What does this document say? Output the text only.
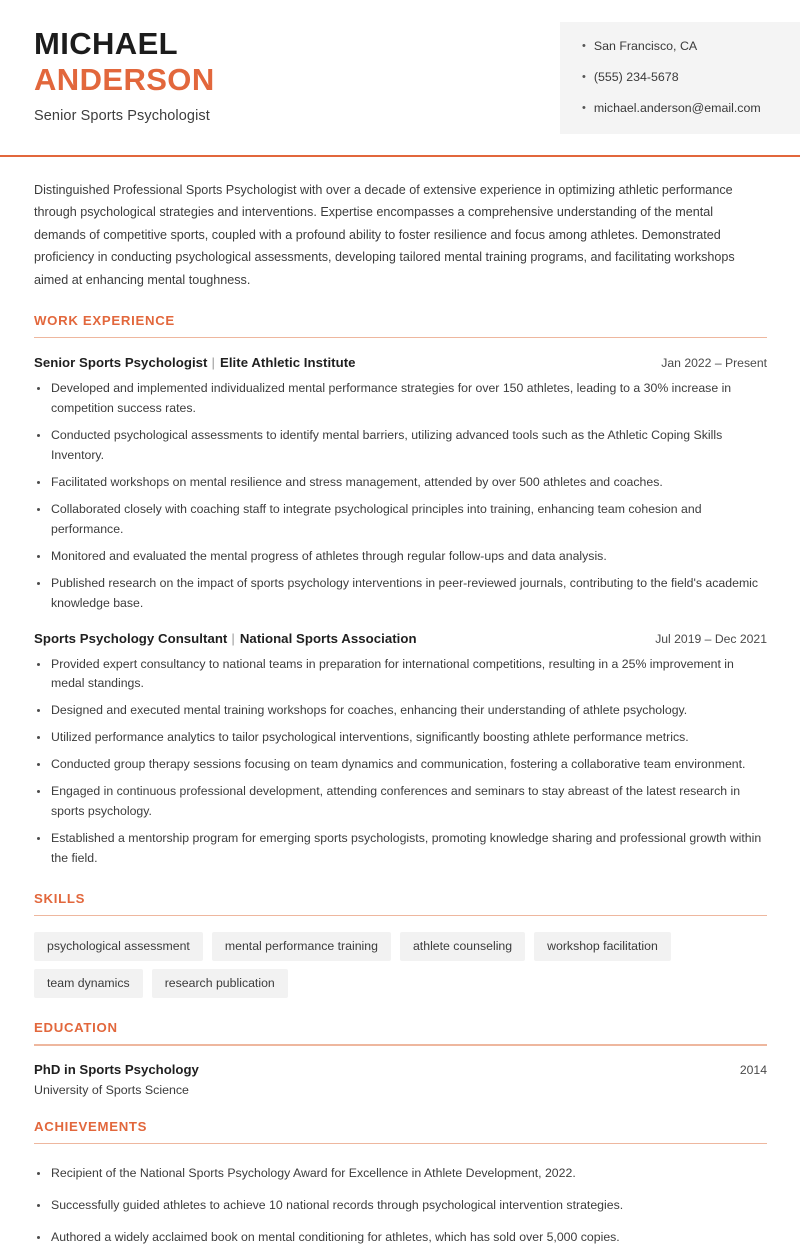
MICHAEL
ANDERSON
Senior Sports Psychologist
• San Francisco, CA
• (555) 234-5678
• michael.anderson@email.com

Distinguished Professional Sports Psychologist with over a decade of extensive experience in optimizing athletic performance through psychological strategies and interventions. Expertise encompasses a comprehensive understanding of the mental demands of competitive sports, coupled with a profound ability to foster resilience and focus among athletes. Demonstrated proficiency in conducting psychological assessments, developing tailored mental training programs, and facilitating workshops aimed at enhancing mental toughness.

WORK EXPERIENCE
Senior Sports Psychologist | Elite Athletic Institute	Jan 2022 – Present
Developed and implemented individualized mental performance strategies for over 150 athletes, leading to a 30% increase in competition success rates.
Conducted psychological assessments to identify mental barriers, utilizing advanced tools such as the Athletic Coping Skills Inventory.
Facilitated workshops on mental resilience and stress management, attended by over 500 athletes and coaches.
Collaborated closely with coaching staff to integrate psychological principles into training, enhancing team cohesion and performance.
Monitored and evaluated the mental progress of athletes through regular follow-ups and data analysis.
Published research on the impact of sports psychology interventions in peer-reviewed journals, contributing to the field's academic knowledge base.
Sports Psychology Consultant | National Sports Association	Jul 2019 – Dec 2021
Provided expert consultancy to national teams in preparation for international competitions, resulting in a 25% improvement in medal standings.
Designed and executed mental training workshops for coaches, enhancing their understanding of athlete psychology.
Utilized performance analytics to tailor psychological interventions, significantly boosting athlete performance metrics.
Conducted group therapy sessions focusing on team dynamics and communication, fostering a collaborative team environment.
Engaged in continuous professional development, attending conferences and seminars to stay abreast of the latest research in sports psychology.
Established a mentorship program for emerging sports psychologists, promoting knowledge sharing and professional growth within the field.
SKILLS
psychological assessment	mental performance training	athlete counseling	workshop facilitation
team dynamics	research publication
EDUCATION
PhD in Sports Psychology	2014
University of Sports Science
ACHIEVEMENTS
Recipient of the National Sports Psychology Award for Excellence in Athlete Development, 2022.
Successfully guided athletes to achieve 10 national records through psychological intervention strategies.
Authored a widely acclaimed book on mental conditioning for athletes, which has sold over 5,000 copies.
